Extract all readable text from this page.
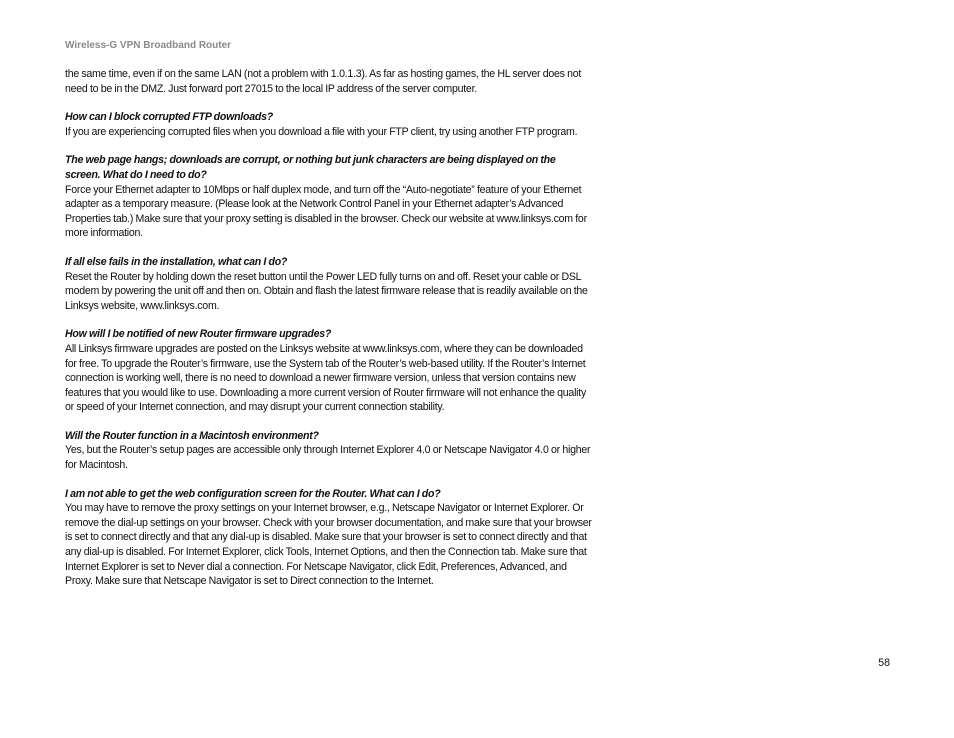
Wireless-G VPN Broadband Router

the same time, even if on the same LAN (not a problem with 1.0.1.3). As far as hosting games, the HL server does not need to be in the DMZ. Just forward port 27015 to the local IP address of the server computer.

How can I block corrupted FTP downloads?

If you are experiencing corrupted files when you download a file with your FTP client, try using another FTP program.

The web page hangs; downloads are corrupt, or nothing but junk characters are being displayed on the screen. What do I need to do?

Force your Ethernet adapter to 10Mbps or half duplex mode, and turn off the “Auto-negotiate” feature of your Ethernet adapter as a temporary measure. (Please look at the Network Control Panel in your Ethernet adapter’s Advanced Properties tab.) Make sure that your proxy setting is disabled in the browser. Check our website at www.linksys.com for more information.

If all else fails in the installation, what can I do?

Reset the Router by holding down the reset button until the Power LED fully turns on and off. Reset your cable or DSL modem by powering the unit off and then on. Obtain and flash the latest firmware release that is readily available on the Linksys website, www.linksys.com.

How will I be notified of new Router firmware upgrades?

All Linksys firmware upgrades are posted on the Linksys website at www.linksys.com, where they can be downloaded for free. To upgrade the Router’s firmware, use the System tab of the Router’s web-based utility. If the Router’s Internet connection is working well, there is no need to download a newer firmware version, unless that version contains new features that you would like to use. Downloading a more current version of Router firmware will not enhance the quality or speed of your Internet connection, and may disrupt your current connection stability.

Will the Router function in a Macintosh environment?

Yes, but the Router’s setup pages are accessible only through Internet Explorer 4.0 or Netscape Navigator 4.0 or higher for Macintosh.

I am not able to get the web configuration screen for the Router. What can I do?

You may have to remove the proxy settings on your Internet browser, e.g., Netscape Navigator or Internet Explorer. Or remove the dial-up settings on your browser. Check with your browser documentation, and make sure that your browser is set to connect directly and that any dial-up is disabled. Make sure that your browser is set to connect directly and that any dial-up is disabled. For Internet Explorer, click Tools, Internet Options, and then the Connection tab. Make sure that Internet Explorer is set to Never dial a connection. For Netscape Navigator, click Edit, Preferences, Advanced, and Proxy. Make sure that Netscape Navigator is set to Direct connection to the Internet.

58
